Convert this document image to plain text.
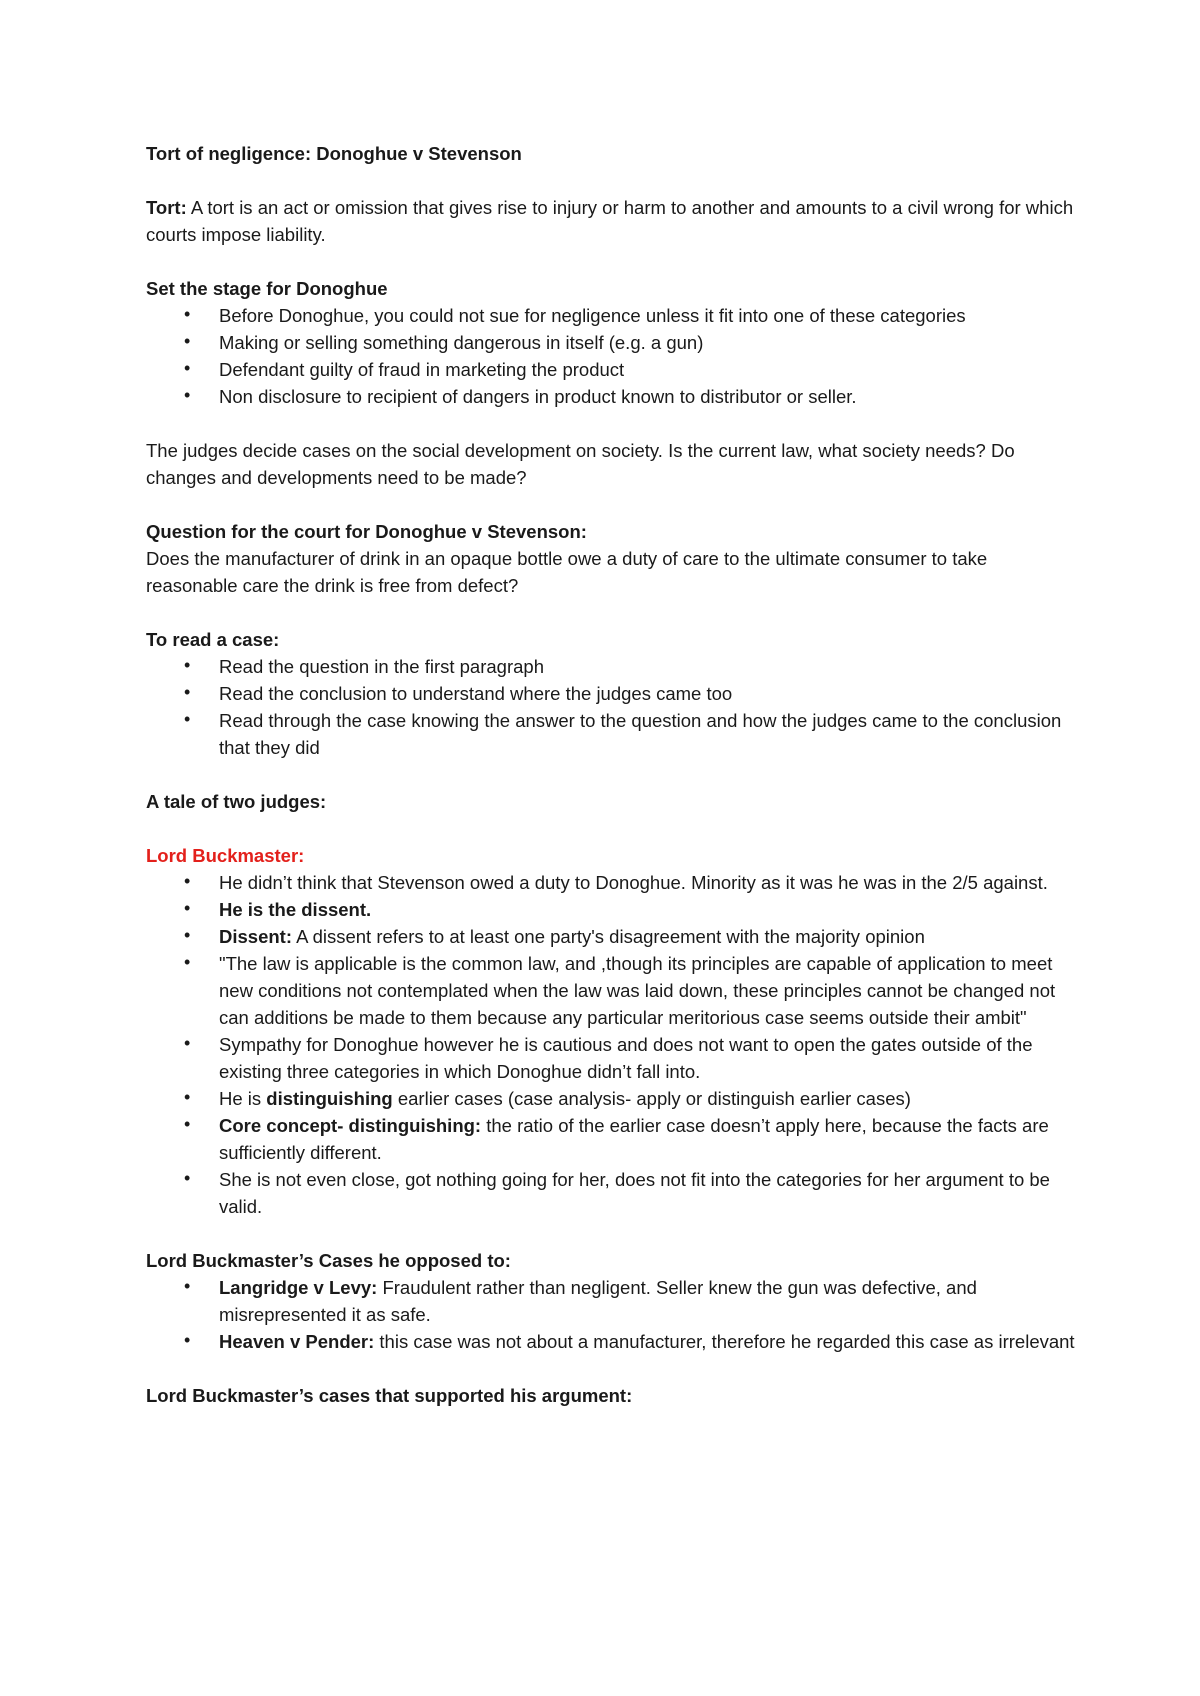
Tort of negligence: Donoghue v Stevenson

Tort: A tort is an act or omission that gives rise to injury or harm to another and amounts to a civil wrong for which courts impose liability.

Set the stage for Donoghue
• Before Donoghue, you could not sue for negligence unless it fit into one of these categories
• Making or selling something dangerous in itself (e.g. a gun)
• Defendant guilty of fraud in marketing the product
• Non disclosure to recipient of dangers in product known to distributor or seller.

The judges decide cases on the social development on society. Is the current law, what society needs? Do changes and developments need to be made?

Question for the court for Donoghue v Stevenson:

Does the manufacturer of drink in an opaque bottle owe a duty of care to the ultimate consumer to take reasonable care the drink is free from defect?

To read a case:
• Read the question in the first paragraph
• Read the conclusion to understand where the judges came too
• Read through the case knowing the answer to the question and how the judges came to the conclusion that they did
A tale of two judges:
Lord Buckmaster:
• He didn’t think that Stevenson owed a duty to Donoghue. Minority as it was he was in the 2/5 against.
• He is the dissent.
• Dissent: A dissent refers to at least one party's disagreement with the majority opinion
• "The law is applicable is the common law, and ,though its principles are capable of application to meet new conditions not contemplated when the law was laid down, these principles cannot be changed not can additions be made to them because any particular meritorious case seems outside their ambit"
• Sympathy for Donoghue however he is cautious and does not want to open the gates outside of the existing three categories in which Donoghue didn’t fall into.
• He is distinguishing earlier cases (case analysis- apply or distinguish earlier cases)
• Core concept- distinguishing: the ratio of the earlier case doesn’t apply here, because the facts are sufficiently different.
• She is not even close, got nothing going for her, does not fit into the categories for her argument to be valid.
Lord Buckmaster’s Cases he opposed to:
• Langridge v Levy: Fraudulent rather than negligent. Seller knew the gun was defective, and misrepresented it as safe.
• Heaven v Pender: this case was not about a manufacturer, therefore he regarded this case as irrelevant
Lord Buckmaster’s cases that supported his argument:
